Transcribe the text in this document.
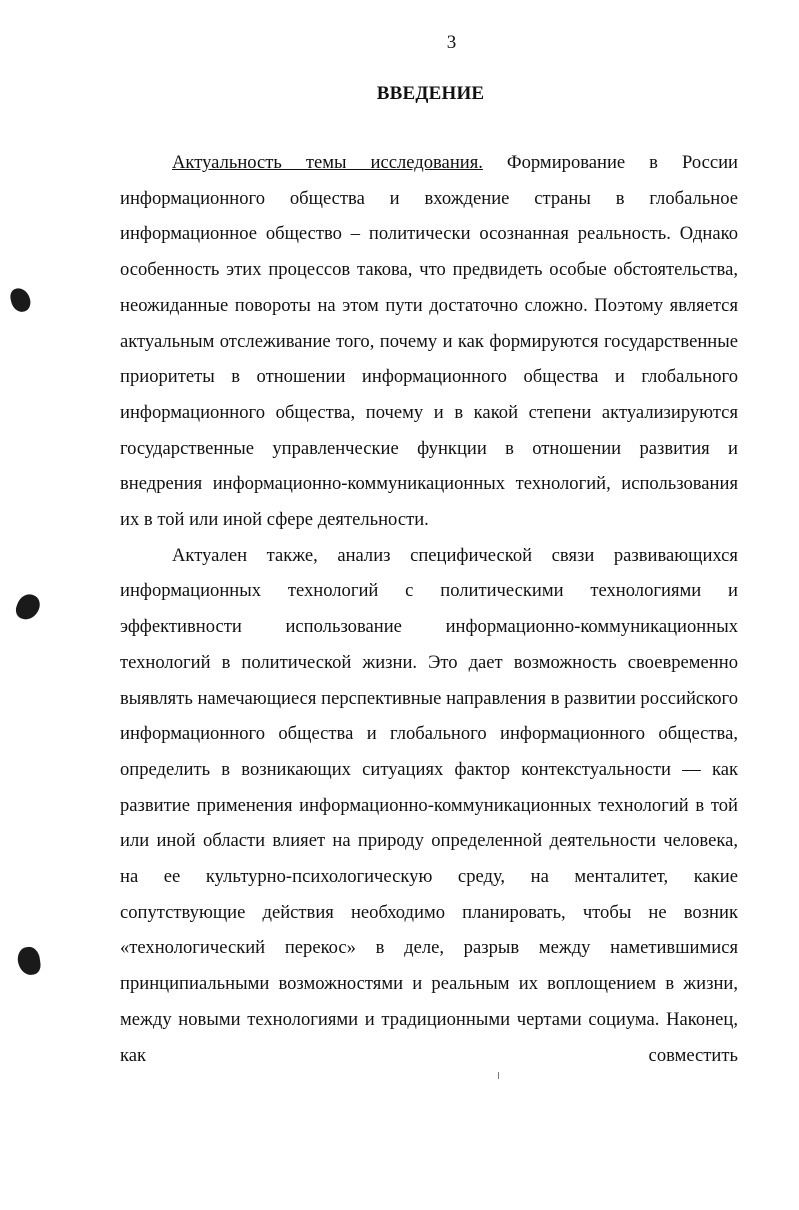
3
ВВЕДЕНИЕ

Актуальность темы исследования. Формирование в России информационного общества и вхождение страны в глобальное информационное общество – политически осознанная реальность. Однако особенность этих процессов такова, что предвидеть особые обстоятельства, неожиданные повороты на этом пути достаточно сложно. Поэтому является актуальным отслеживание того, почему и как формируются государственные приоритеты в отношении информационного общества и глобального информационного общества, почему и в какой степени актуализируются государственные управленческие функции в отношении развития и внедрения информационно-коммуникационных технологий, использования их в той или иной сфере деятельности.

Актуален также, анализ специфической связи развивающихся информационных технологий с политическими технологиями и эффективности использование информационно-коммуникационных технологий в политической жизни. Это дает возможность своевременно выявлять намечающиеся перспективные направления в развитии российского информационного общества и глобального информационного общества, определить в возникающих ситуациях фактор контекстуальности — как развитие применения информационно-коммуникационных технологий в той или иной области влияет на природу определенной деятельности человека, на ее культурно-психологическую среду, на менталитет, какие сопутствующие действия необходимо планировать, чтобы не возник «технологический перекос» в деле, разрыв между наметившимися принципиальными возможностями и реальным их воплощением в жизни, между новыми технологиями и традиционными чертами социума. Наконец, как совместить
